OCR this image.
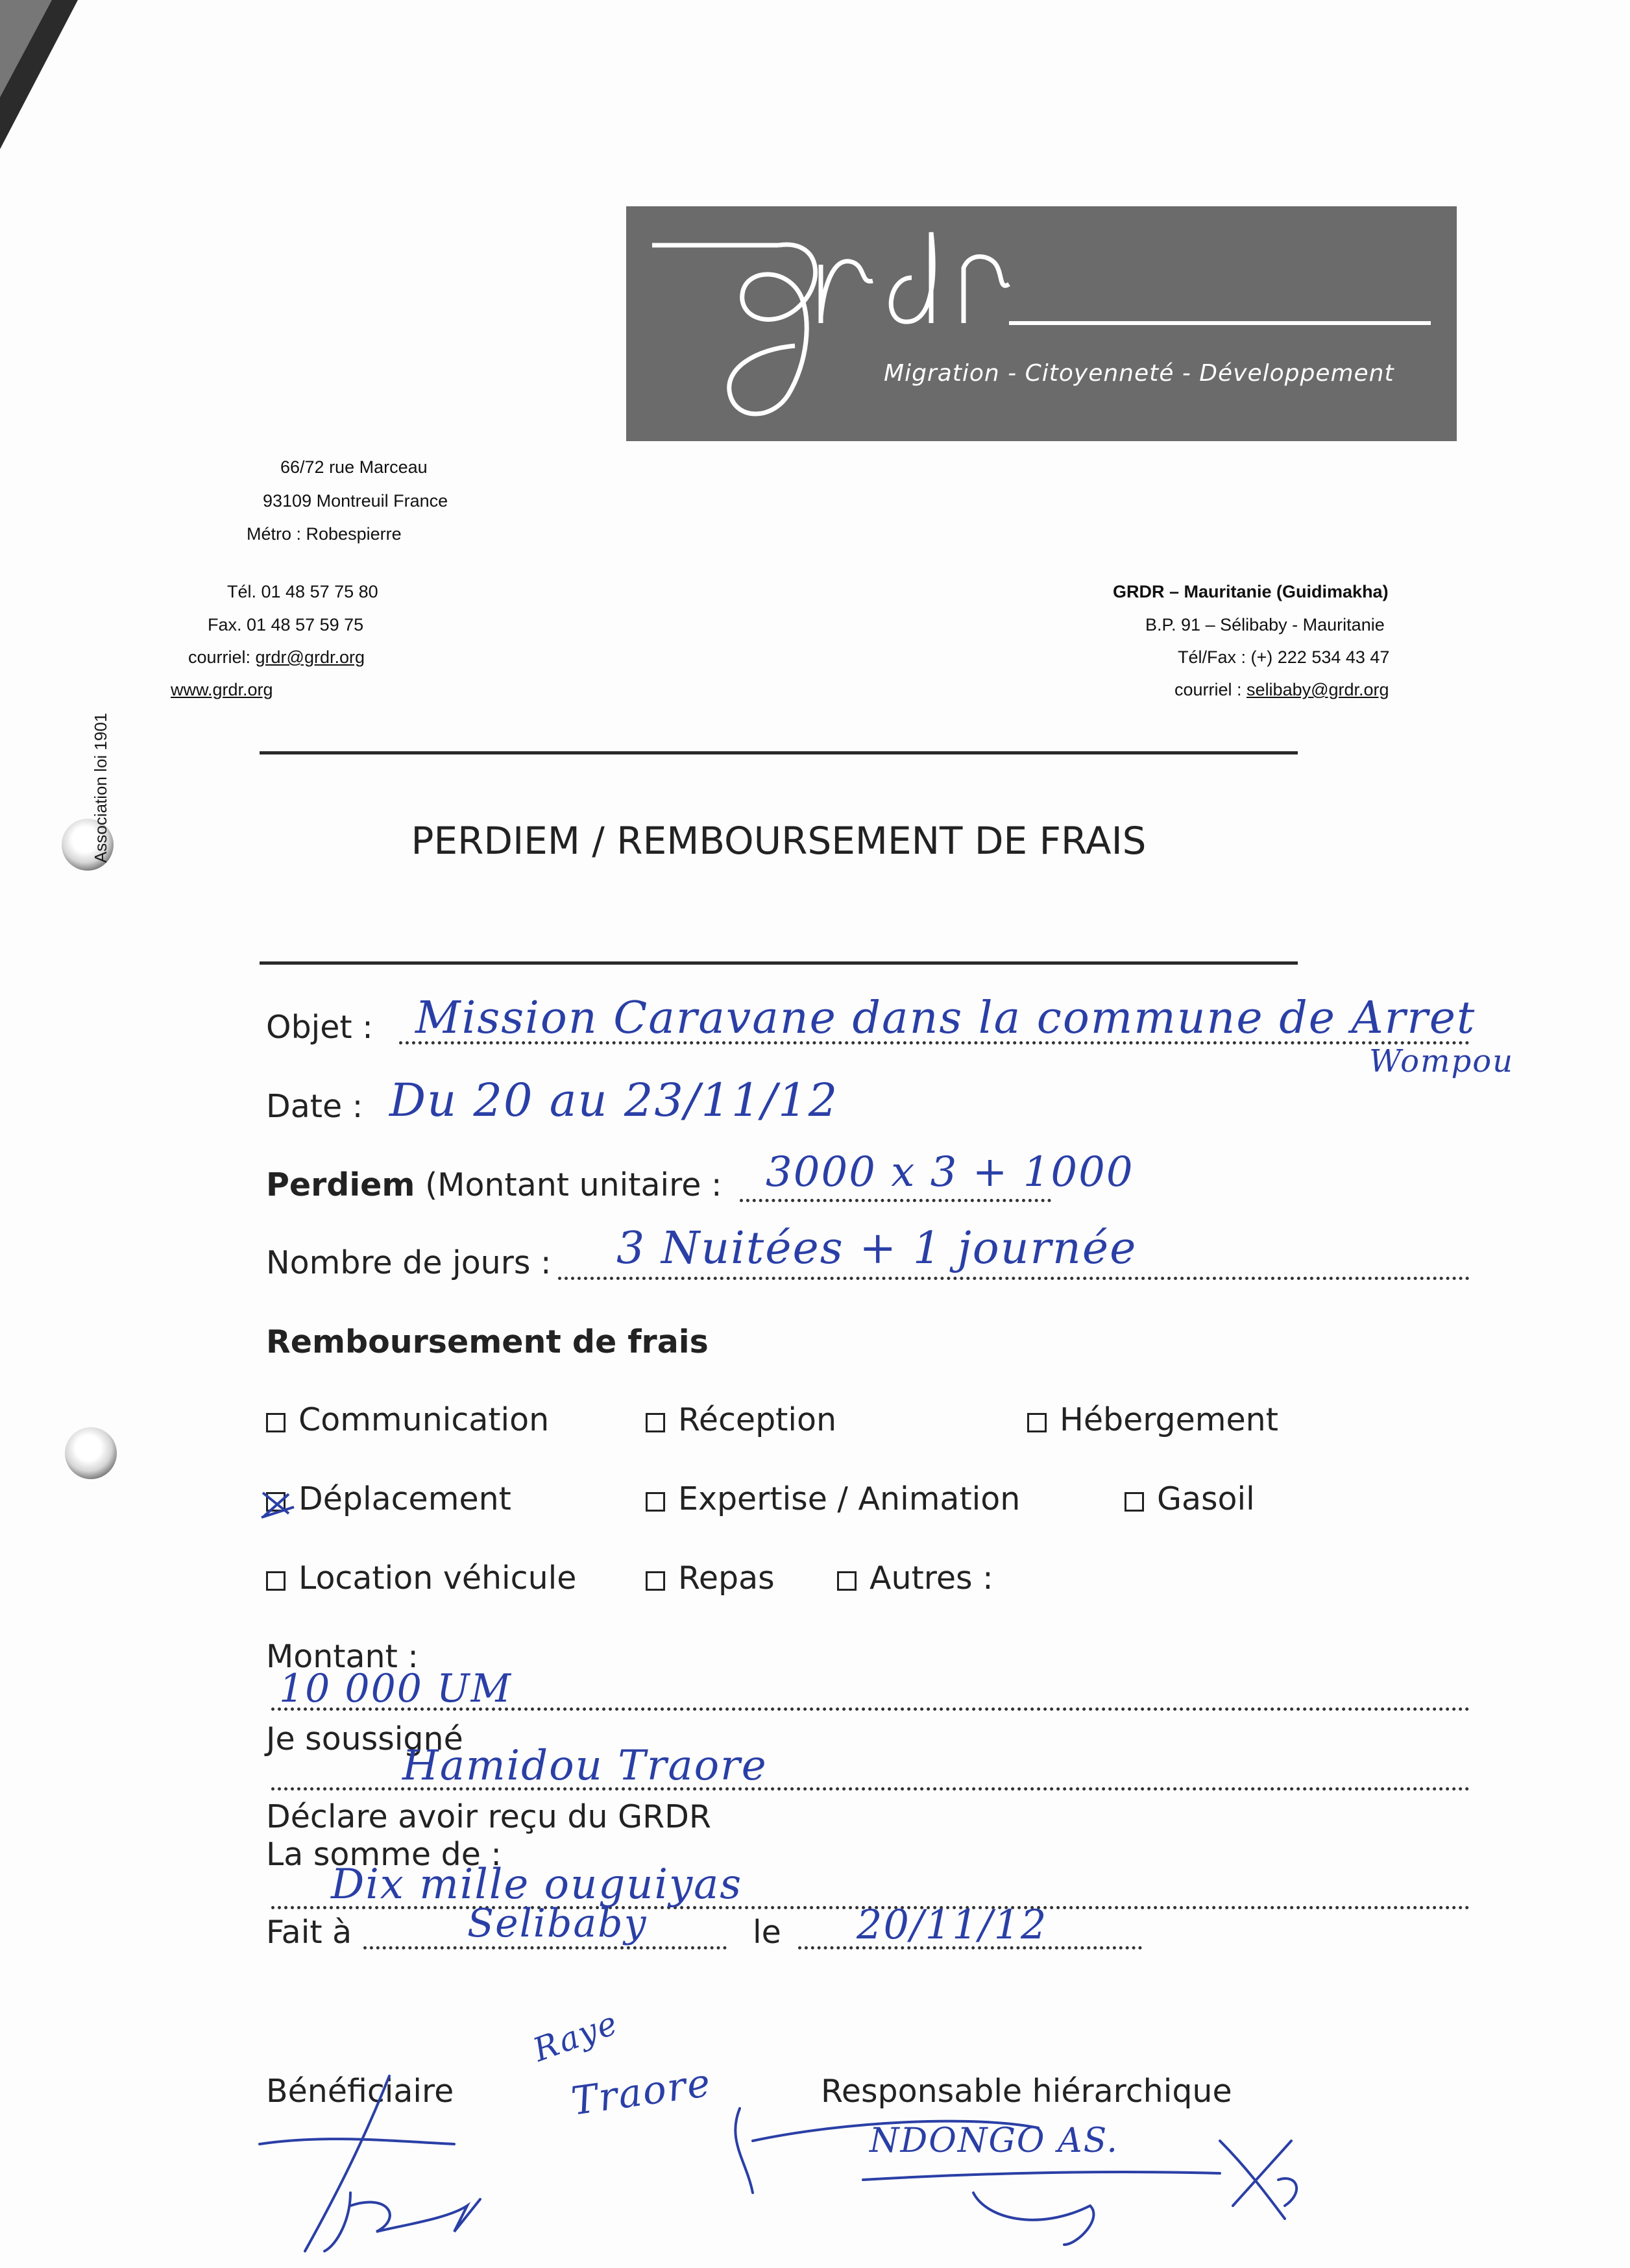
Migration - Citoyenneté - Développement
66/72 rue Marceau
93109 Montreuil France
Métro : Robespierre
Tél. 01 48 57 75 80
Fax. 01 48 57 59 75
courriel: grdr@grdr.org
www.grdr.org
GRDR – Mauritanie (Guidimakha)
B.P. 91 – Sélibaby - Mauritanie
Tél/Fax : (+) 222 534 43 47
courriel : selibaby@grdr.org
Association loi 1901	PERDIEM / REMBOURSEMENT DE FRAIS
Objet : Mission Caravane dans la commune de Arret
Wompou
Date : Du 20 au 23/11/12
Perdiem (Montant unitaire : 3000 x 3 + 1000
Nombre de jours : 3 Nuitées + 1 journée
Remboursement de frais
Communication	Réception	Hébergement
Déplacement	Expertise / Animation	Gasoil
Location véhicule	Repas	Autres :
Montant :
10 000 UM
Je soussigné
Hamidou Traore
Déclare avoir reçu du GRDR
La somme de :
Dix mille ouguiyas
Fait à	Selibaby	le 20/11/12
Bénéficiaire	Responsable hiérarchique
Raye
Traore
NDONGO AS.
